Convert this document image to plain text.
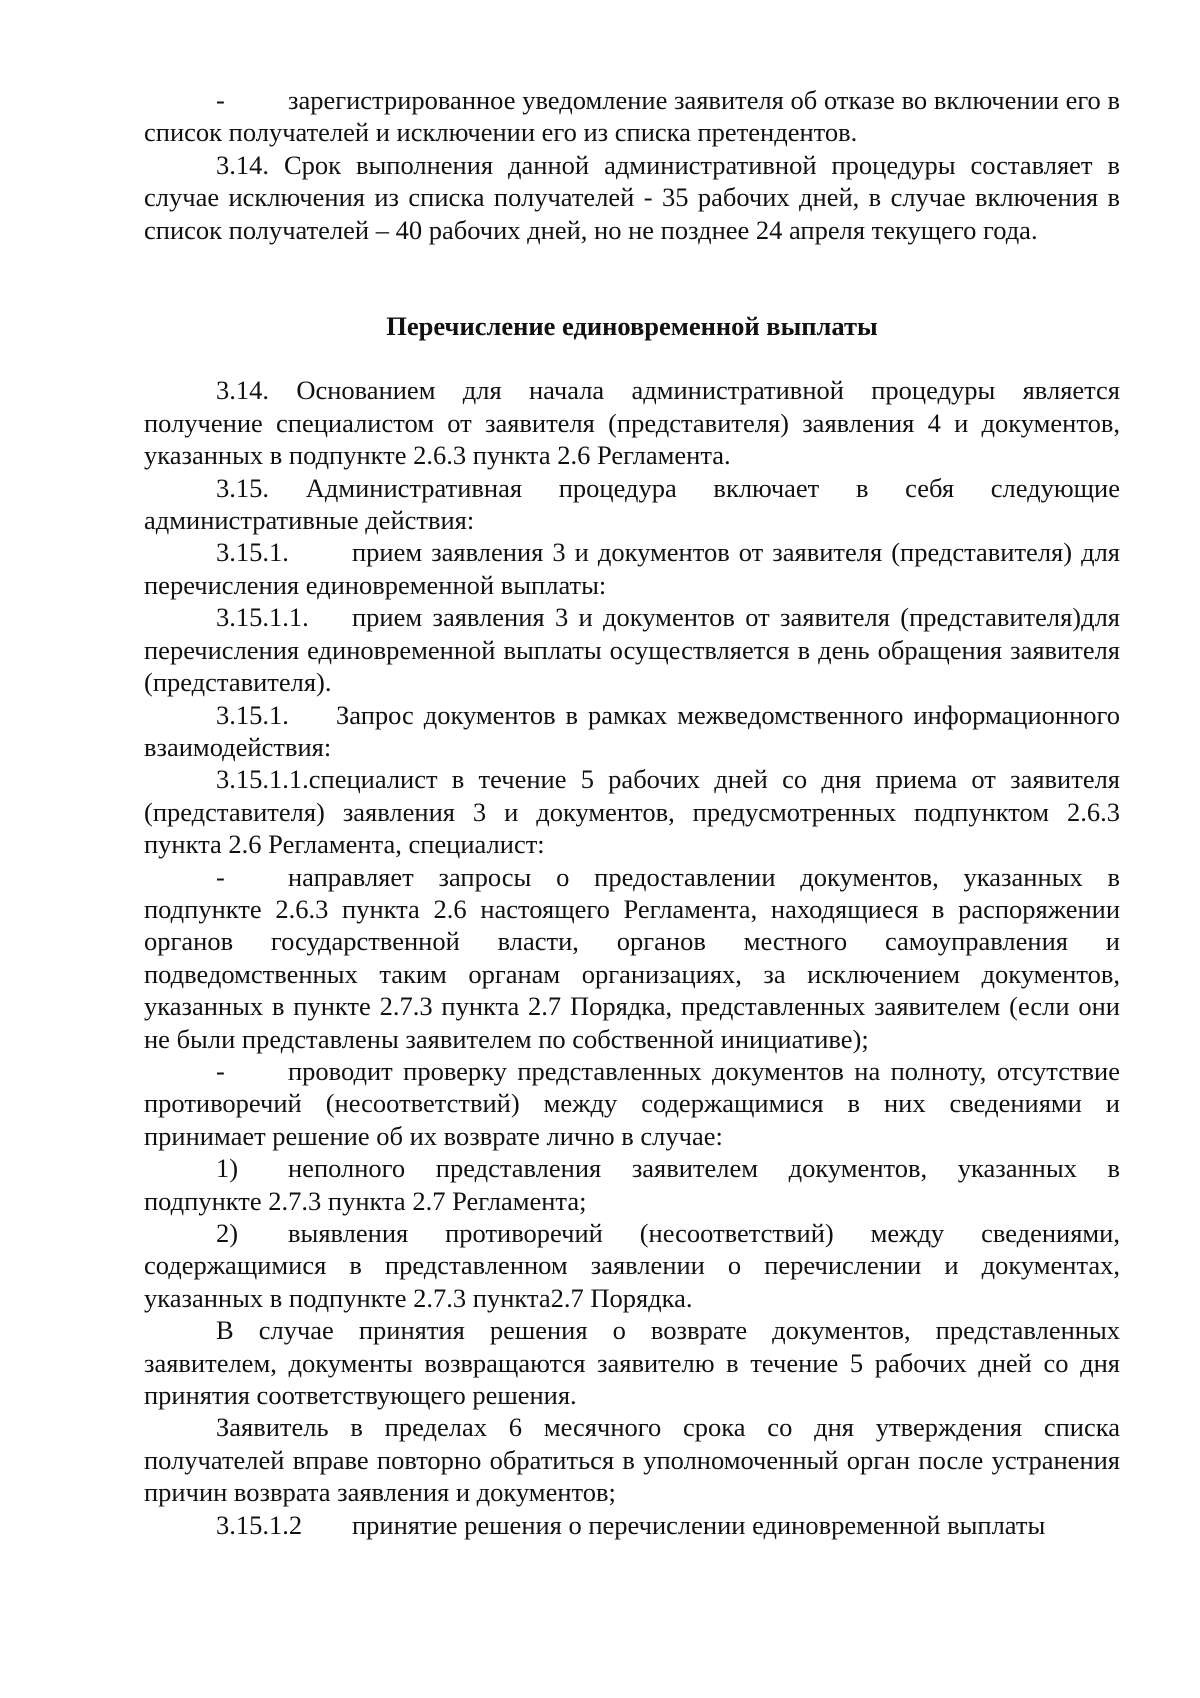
- зарегистрированное уведомление заявителя об отказе во включении его в список получателей и исключении его из списка претендентов.

3.14. Срок выполнения данной административной процедуры составляет в случае исключения из списка получателей - 35 рабочих дней, в случае включения в список получателей – 40 рабочих дней, но не позднее 24 апреля текущего года.

Перечисление единовременной выплаты

3.14. Основанием для начала административной процедуры является получение специалистом от заявителя (представителя) заявления 4 и документов, указанных в подпункте 2.6.3 пункта 2.6 Регламента.

3.15. Административная процедура включает в себя следующие административные действия:

3.15.1. прием заявления 3 и документов от заявителя (представителя) для перечисления единовременной выплаты:

3.15.1.1. прием заявления 3 и документов от заявителя (представителя)для перечисления единовременной выплаты осуществляется в день обращения заявителя (представителя).

3.15.1. Запрос документов в рамках межведомственного информационного взаимодействия:

3.15.1.1.специалист в течение 5 рабочих дней со дня приема от заявителя (представителя) заявления 3 и документов, предусмотренных подпунктом 2.6.3 пункта 2.6 Регламента, специалист:

- направляет запросы о предоставлении документов, указанных в подпункте 2.6.3 пункта 2.6 настоящего Регламента, находящиеся в распоряжении органов государственной власти, органов местного самоуправления и подведомственных таким органам организациях, за исключением документов, указанных в пункте 2.7.3 пункта 2.7 Порядка, представленных заявителем (если они не были представлены заявителем по собственной инициативе);

- проводит проверку представленных документов на полноту, отсутствие противоречий (несоответствий) между содержащимися в них сведениями и принимает решение об их возврате лично в случае:

1) неполного представления заявителем документов, указанных в подпункте 2.7.3 пункта 2.7 Регламента;

2) выявления противоречий (несоответствий) между сведениями, содержащимися в представленном заявлении о перечислении и документах, указанных в подпункте 2.7.3 пункта2.7 Порядка.

В случае принятия решения о возврате документов, представленных заявителем, документы возвращаются заявителю в течение 5 рабочих дней со дня принятия соответствующего решения.

Заявитель в пределах 6 месячного срока со дня утверждения списка получателей вправе повторно обратиться в уполномоченный орган после устранения причин возврата заявления и документов;

3.15.1.2 принятие решения о перечислении единовременной выплаты
